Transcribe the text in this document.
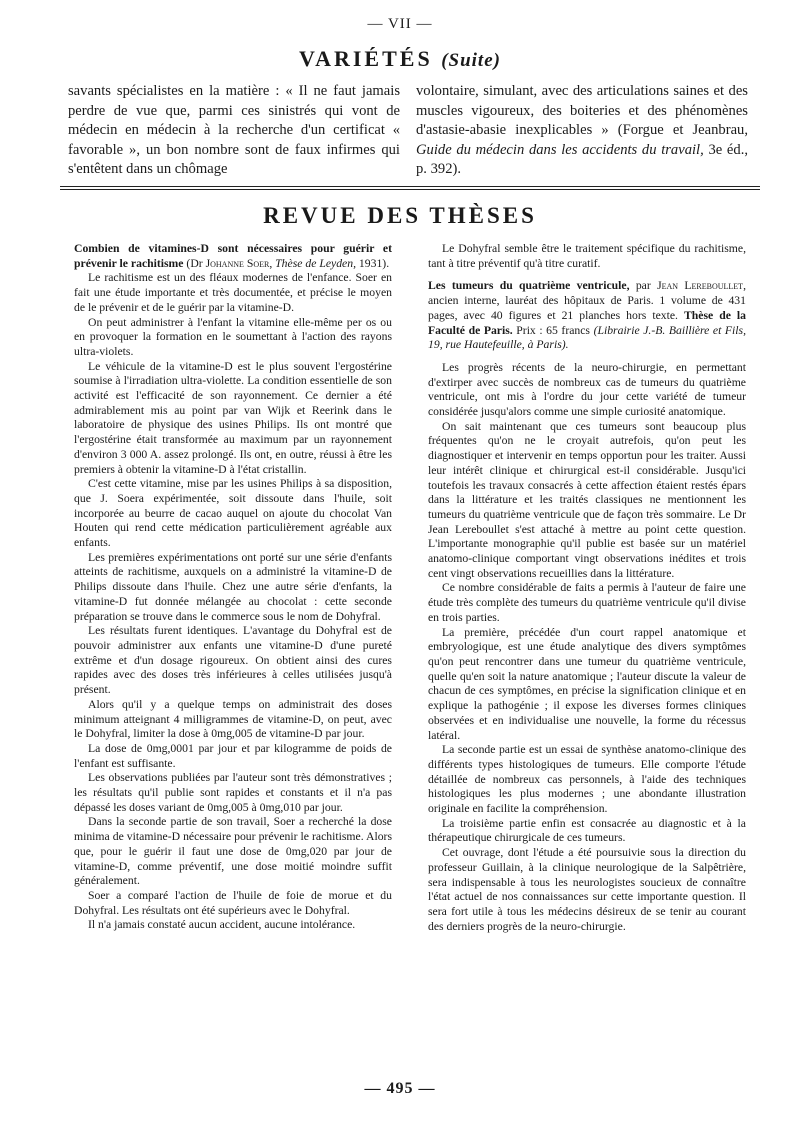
— VII —
VARIÉTÉS (Suite)
savants spécialistes en la matière : « Il ne faut jamais perdre de vue que, parmi ces sinistrés qui vont de médecin en médecin à la recherche d'un certificat « favorable », un bon nombre sont de faux infirmes qui s'entêtent dans un chômage
volontaire, simulant, avec des articulations saines et des muscles vigoureux, des boiteries et des phénomènes d'astasie-abasie inexplicables » (Forgue et Jeanbrau, Guide du médecin dans les accidents du travail, 3e éd., p. 392).
REVUE DES THÈSES

Combien de vitamines-D sont nécessaires pour guérir et prévenir le rachitisme (Dr Johanne Soer, Thèse de Leyden, 1931).

Le rachitisme est un des fléaux modernes de l'enfance. Soer en fait une étude importante et très documentée, et précise le moyen de le prévenir et de le guérir par la vitamine-D.

On peut administrer à l'enfant la vitamine elle-même per os ou en provoquer la formation en le soumettant à l'action des rayons ultra-violets.

Le véhicule de la vitamine-D est le plus souvent l'ergostérine soumise à l'irradiation ultra-violette. La condition essentielle de son activité est l'efficacité de son rayonnement. Ce dernier a été admirablement mis au point par van Wijk et Reerink dans le laboratoire de physique des usines Philips. Ils ont montré que l'ergostérine était transformée au maximum par un rayonnement d'environ 3 000 A. assez prolongé. Ils ont, en outre, réussi à être les premiers à obtenir la vitamine-D à l'état cristallin.

C'est cette vitamine, mise par les usines Philips à sa disposition, que J. Soera expérimentée, soit dissoute dans l'huile, soit incorporée au beurre de cacao auquel on ajoute du chocolat Van Houten qui rend cette médication particulièrement agréable aux enfants.

Les premières expérimentations ont porté sur une série d'enfants atteints de rachitisme, auxquels on a administré la vitamine-D de Philips dissoute dans l'huile. Chez une autre série d'enfants, la vitamine-D fut donnée mélangée au chocolat : cette seconde préparation se trouve dans le commerce sous le nom de Dohyfral.

Les résultats furent identiques. L'avantage du Dohyfral est de pouvoir administrer aux enfants une vitamine-D d'une pureté extrême et d'un dosage rigoureux. On obtient ainsi des cures rapides avec des doses très inférieures à celles utilisées jusqu'à présent.

Alors qu'il y a quelque temps on administrait des doses minimum atteignant 4 milligrammes de vitamine-D, on peut, avec le Dohyfral, limiter la dose à 0mg,005 de vitamine-D par jour.

La dose de 0mg,0001 par jour et par kilogramme de poids de l'enfant est suffisante.

Les observations publiées par l'auteur sont très démonstratives ; les résultats qu'il publie sont rapides et constants et il n'a pas dépassé les doses variant de 0mg,005 à 0mg,010 par jour.

Dans la seconde partie de son travail, Soer a recherché la dose minima de vitamine-D nécessaire pour prévenir le rachitisme. Alors que, pour le guérir il faut une dose de 0mg,020 par jour de vitamine-D, comme préventif, une dose moitié moindre suffit généralement.

Soer a comparé l'action de l'huile de foie de morue et du Dohyfral. Les résultats ont été supérieurs avec le Dohyfral.

Il n'a jamais constaté aucun accident, aucune intolérance.

Le Dohyfral semble être le traitement spécifique du rachitisme, tant à titre préventif qu'à titre curatif.

Les tumeurs du quatrième ventricule, par Jean Lereboullet, ancien interne, lauréat des hôpitaux de Paris. 1 volume de 431 pages, avec 40 figures et 21 planches hors texte. Thèse de la Faculté de Paris. Prix : 65 francs (Librairie J.-B. Baillière et Fils, 19, rue Hautefeuille, à Paris).

Les progrès récents de la neuro-chirurgie, en permettant d'extirper avec succès de nombreux cas de tumeurs du quatrième ventricule, ont mis à l'ordre du jour cette variété de tumeur considérée jusqu'alors comme une simple curiosité anatomique.

On sait maintenant que ces tumeurs sont beaucoup plus fréquentes qu'on ne le croyait autrefois, qu'on peut les diagnostiquer et intervenir en temps opportun pour les traiter. Aussi leur intérêt clinique et chirurgical est-il considérable. Jusqu'ici toutefois les travaux consacrés à cette affection étaient restés épars dans la littérature et les traités classiques ne mentionnent les tumeurs du quatrième ventricule que de façon très sommaire. Le Dr Jean Lereboullet s'est attaché à mettre au point cette question. L'importante monographie qu'il publie est basée sur un matériel anatomo-clinique comportant vingt observations inédites et trois cent vingt observations recueillies dans la littérature.

Ce nombre considérable de faits a permis à l'auteur de faire une étude très complète des tumeurs du quatrième ventricule qu'il divise en trois parties.

La première, précédée d'un court rappel anatomique et embryologique, est une étude analytique des divers symptômes qu'on peut rencontrer dans une tumeur du quatrième ventricule, quelle qu'en soit la nature anatomique ; l'auteur discute la valeur de chacun de ces symptômes, en précise la signification clinique et en explique la pathogénie ; il expose les diverses formes cliniques observées et en individualise une nouvelle, la forme du récessus latéral.

La seconde partie est un essai de synthèse anatomo-clinique des différents types histologiques de tumeurs. Elle comporte l'étude détaillée de nombreux cas personnels, à l'aide des techniques histologiques les plus modernes ; une abondante illustration originale en facilite la compréhension.

La troisième partie enfin est consacrée au diagnostic et à la thérapeutique chirurgicale de ces tumeurs.

Cet ouvrage, dont l'étude a été poursuivie sous la direction du professeur Guillain, à la clinique neurologique de la Salpêtrière, sera indispensable à tous les neurologistes soucieux de connaître l'état actuel de nos connaissances sur cette importante question. Il sera fort utile à tous les médecins désireux de se tenir au courant des derniers progrès de la neuro-chirurgie.

— 495 —
